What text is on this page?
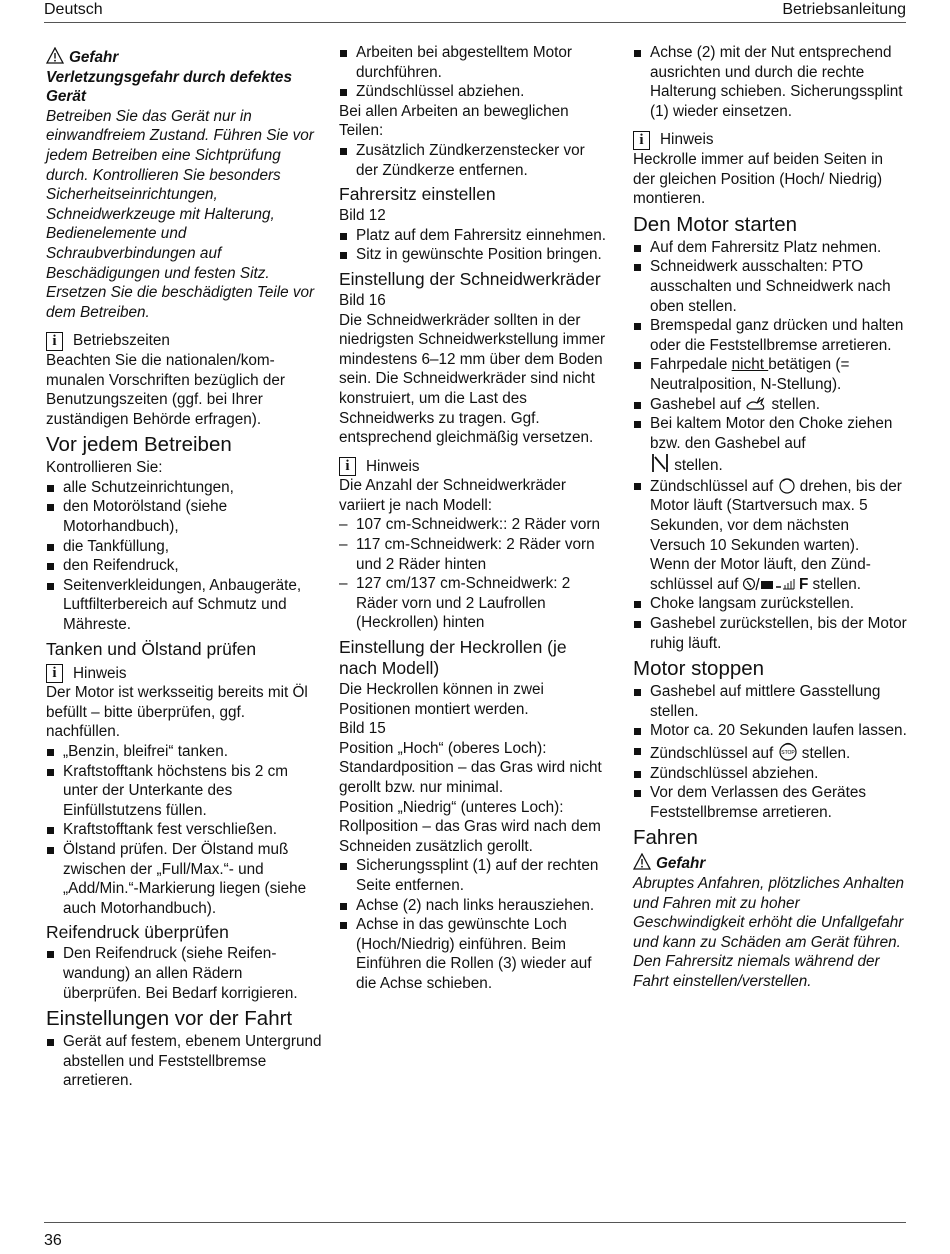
Deutsch	Betriebsanleitung

Gefahr

Verletzungsgefahr durch defektes Gerät

Betreiben Sie das Gerät nur in einwandfreiem Zustand. Führen Sie vor jedem Betreiben eine Sichtprüfung durch. Kontrollieren Sie besonders Sicherheitseinrichtungen, Schneidwerkzeuge mit Halterung, Bedienelemente und Schraubverbindungen auf Beschädigungen und festen Sitz. Ersetzen Sie die beschädigten Teile vor dem Betreiben.

i	Betriebszeiten

Beachten Sie die nationalen/kommunalen Vorschriften bezüglich der Benutzungszeiten (ggf. bei Ihrer zuständigen Behörde erfragen).

Vor jedem Betreiben

Kontrollieren Sie:

alle Schutzeinrichtungen,
den Motorölstand (siehe Motorhandbuch),
die Tankfüllung,
den Reifendruck,
Seitenverkleidungen, Anbaugeräte, Luftfilterbereich auf Schmutz und Mähreste.
Tanken und Ölstand prüfen
i	Hinweis

Der Motor ist werksseitig bereits mit Öl befüllt – bitte überprüfen, ggf. nachfüllen.

„Benzin, bleifrei“ tanken.
Kraftstofftank höchstens bis 2 cm unter der Unterkante des Einfüllstutzens füllen.
Kraftstofftank fest verschließen.
Ölstand prüfen. Der Ölstand muß zwischen der „Full/Max.“- und „Add/Min.“-Markierung liegen (siehe auch Motorhandbuch).
Reifendruck überprüfen
Den Reifendruck (siehe Reifenwandung) an allen Rädern überprüfen. Bei Bedarf korrigieren.
Einstellungen vor der Fahrt
Gerät auf festem, ebenem Untergrund abstellen und Feststellbremse arretieren.
Arbeiten bei abgestelltem Motor durchführen.
Zündschlüssel abziehen.

Bei allen Arbeiten an beweglichen Teilen:

Zusätzlich Zündkerzenstecker vor der Zündkerze entfernen.
Fahrersitz einstellen

Bild 12

Platz auf dem Fahrersitz einnehmen.
Sitz in gewünschte Position bringen.
Einstellung der Schneidwerkräder

Bild 16

Die Schneidwerkräder sollten in der niedrigsten Schneidwerkstellung immer mindestens 6–12 mm über dem Boden sein. Die Schneidwerkräder sind nicht konstruiert, um die Last des Schneidwerks zu tragen. Ggf. entsprechend gleichmäßig versetzen.

i	Hinweis

Die Anzahl der Schneidwerkräder variiert je nach Modell:

– 107 cm-Schneidwerk:: 2 Räder vorn
– 117 cm-Schneidwerk: 2 Räder vorn und 2 Räder hinten
– 127 cm/137 cm-Schneidwerk: 2 Räder vorn und 2 Laufrollen (Heckrollen) hinten
Einstellung der Heckrollen (je nach Modell)

Die Heckrollen können in zwei Positionen montiert werden.

Bild 15

Position „Hoch“ (oberes Loch): Standardposition – das Gras wird nicht gerollt bzw. nur minimal.

Position „Niedrig“ (unteres Loch): Rollposition – das Gras wird nach dem Schneiden zusätzlich gerollt.

Sicherungssplint (1) auf der rechten Seite entfernen.
Achse (2) nach links herausziehen.
Achse in das gewünschte Loch (Hoch/Niedrig) einführen. Beim Einführen die Rollen (3) wieder auf die Achse schieben.
Achse (2) mit der Nut entsprechend ausrichten und durch die rechte Halterung schieben. Sicherungssplint (1) wieder einsetzen.
i	Hinweis

Heckrolle immer auf beiden Seiten in der gleichen Position (Hoch/ Niedrig) montieren.

Den Motor starten
Auf dem Fahrersitz Platz nehmen.
Schneidwerk ausschalten: PTO ausschalten und Schneidwerk nach oben stellen.
Bremspedal ganz drücken und halten oder die Feststellbremse arretieren.
Fahrpedale nicht betätigen (= Neutralposition, N-Stellung).
Gashebel auf stellen.
Bei kaltem Motor den Choke ziehen bzw. den Gashebel auf
stellen.
Zündschlüssel auf drehen, bis der Motor läuft (Startversuch max. 5 Sekunden, vor dem nächsten Versuch 10 Sekunden warten).
Wenn der Motor läuft, den Zündschlüssel auf	F stellen.
Choke langsam zurückstellen.
Gashebel zurückstellen, bis der Motor ruhig läuft.
Motor stoppen
Gashebel auf mittlere Gasstellung stellen.
Motor ca. 20 Sekunden laufen lassen.
Zündschlüssel auf STOP stellen.
Zündschlüssel abziehen.
Vor dem Verlassen des Gerätes Feststellbremse arretieren.
Fahren

Gefahr

Abruptes Anfahren, plötzliches Anhalten und Fahren mit zu hoher Geschwindigkeit erhöht die Unfallgefahr und kann zu Schäden am Gerät führen.

Den Fahrersitz niemals während der Fahrt einstellen/verstellen.

36
